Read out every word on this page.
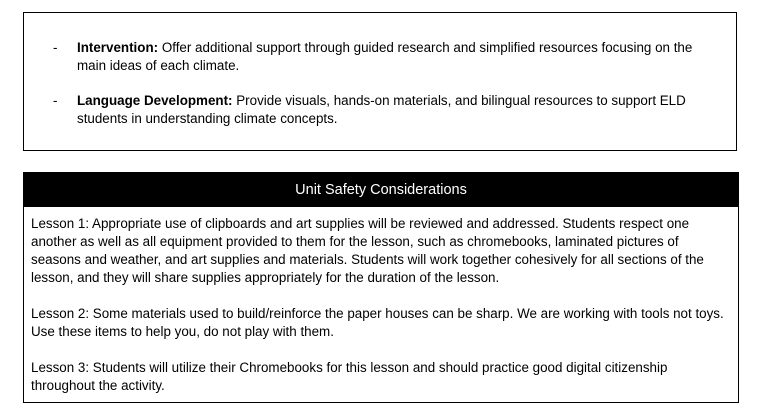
- Intervention: Offer additional support through guided research and simplified resources focusing on the main ideas of each climate.
- Language Development: Provide visuals, hands-on materials, and bilingual resources to support ELD students in understanding climate concepts.
Unit Safety Considerations

Lesson 1: Appropriate use of clipboards and art supplies will be reviewed and addressed. Students respect one another as well as all equipment provided to them for the lesson, such as chromebooks, laminated pictures of seasons and weather, and art supplies and materials. Students will work together cohesively for all sections of the lesson, and they will share supplies appropriately for the duration of the lesson.

Lesson 2: Some materials used to build/reinforce the paper houses can be sharp. We are working with tools not toys. Use these items to help you, do not play with them.

Lesson 3: Students will utilize their Chromebooks for this lesson and should practice good digital citizenship throughout the activity.
